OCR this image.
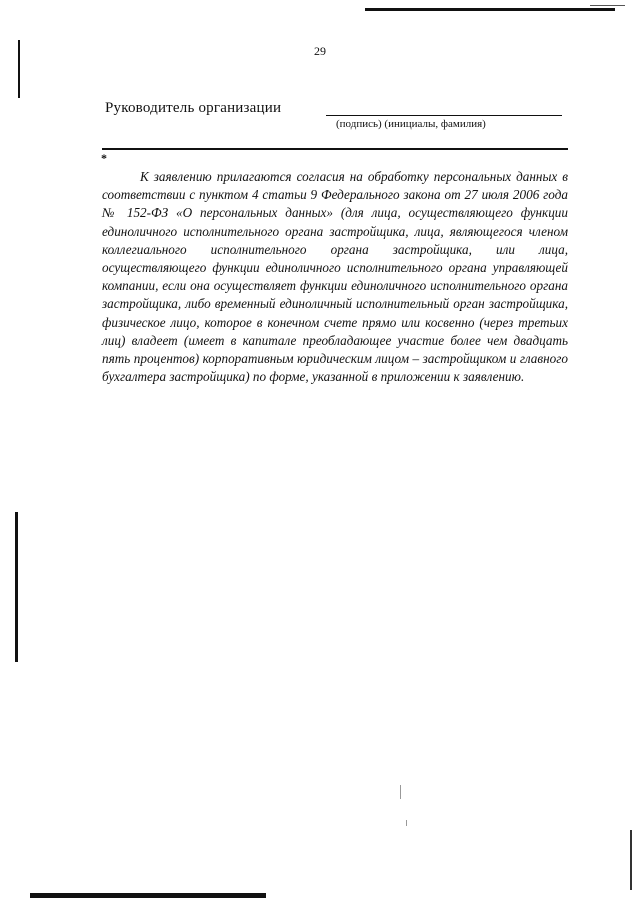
29
Руководитель организации
(подпись) (инициалы, фамилия)
*

К заявлению прилагаются согласия на обработку персональных данных в соответствии с пунктом 4 статьи 9 Федерального закона от 27 июля 2006 года № 152-ФЗ «О персональных данных» (для лица, осуществляющего функции единоличного исполнительного органа застройщика, лица, являющегося членом коллегиального исполнительного органа застройщика, или лица, осуществляющего функции единоличного исполнительного органа управляющей компании, если она осуществляет функции единоличного исполнительного органа застройщика, либо временный единоличный исполнительный орган застройщика, физическое лицо, которое в конечном счете прямо или косвенно (через третьих лиц) владеет (имеет в капитале преобладающее участие более чем двадцать пять процентов) корпоративным юридическим лицом – застройщиком и главного бухгалтера застройщика) по форме, указанной в приложении к заявлению.
